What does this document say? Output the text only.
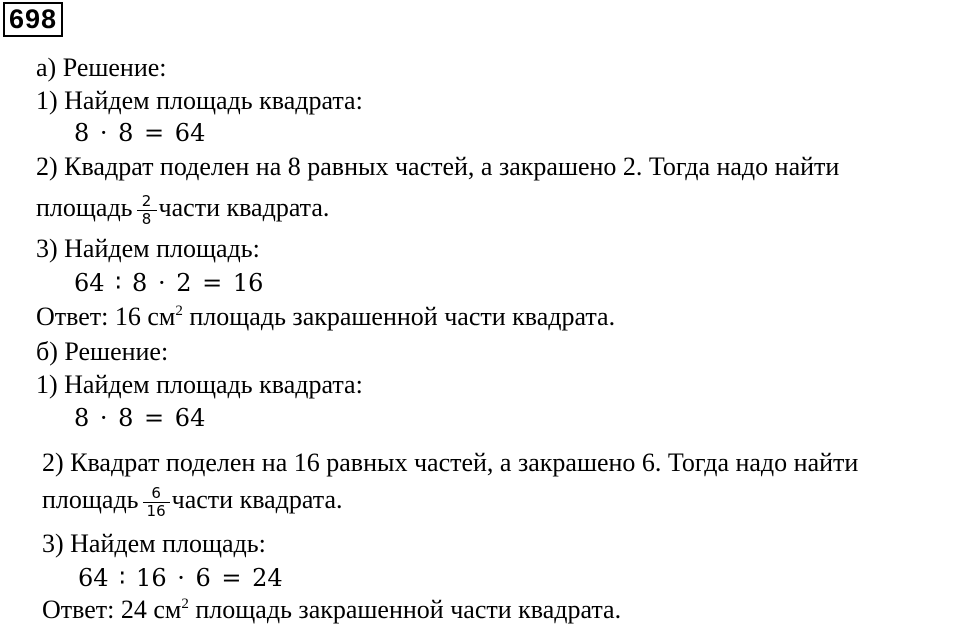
698
а) Решение:
1) Найдем площадь квадрата:
8 · 8 = 64
2) Квадрат поделен на 8 равных частей, а закрашено 2. Тогда надо найти
площадь $\frac{2}{8}$ части квадрата.
3) Найдем площадь:
64 ∶ 8 · 2 = 16
Ответ: 16 $см^2$ площадь закрашенной части квадрата.
б) Решение:
1) Найдем площадь квадрата:
8 · 8 = 64
2) Квадрат поделен на 16 равных частей, а закрашено 6. Тогда надо найти
площадь $\frac{6}{16}$ части квадрата.
3) Найдем площадь:
64 ∶ 16 · 6 = 24
Ответ: 24 $см^2$ площадь закрашенной части квадрата.
